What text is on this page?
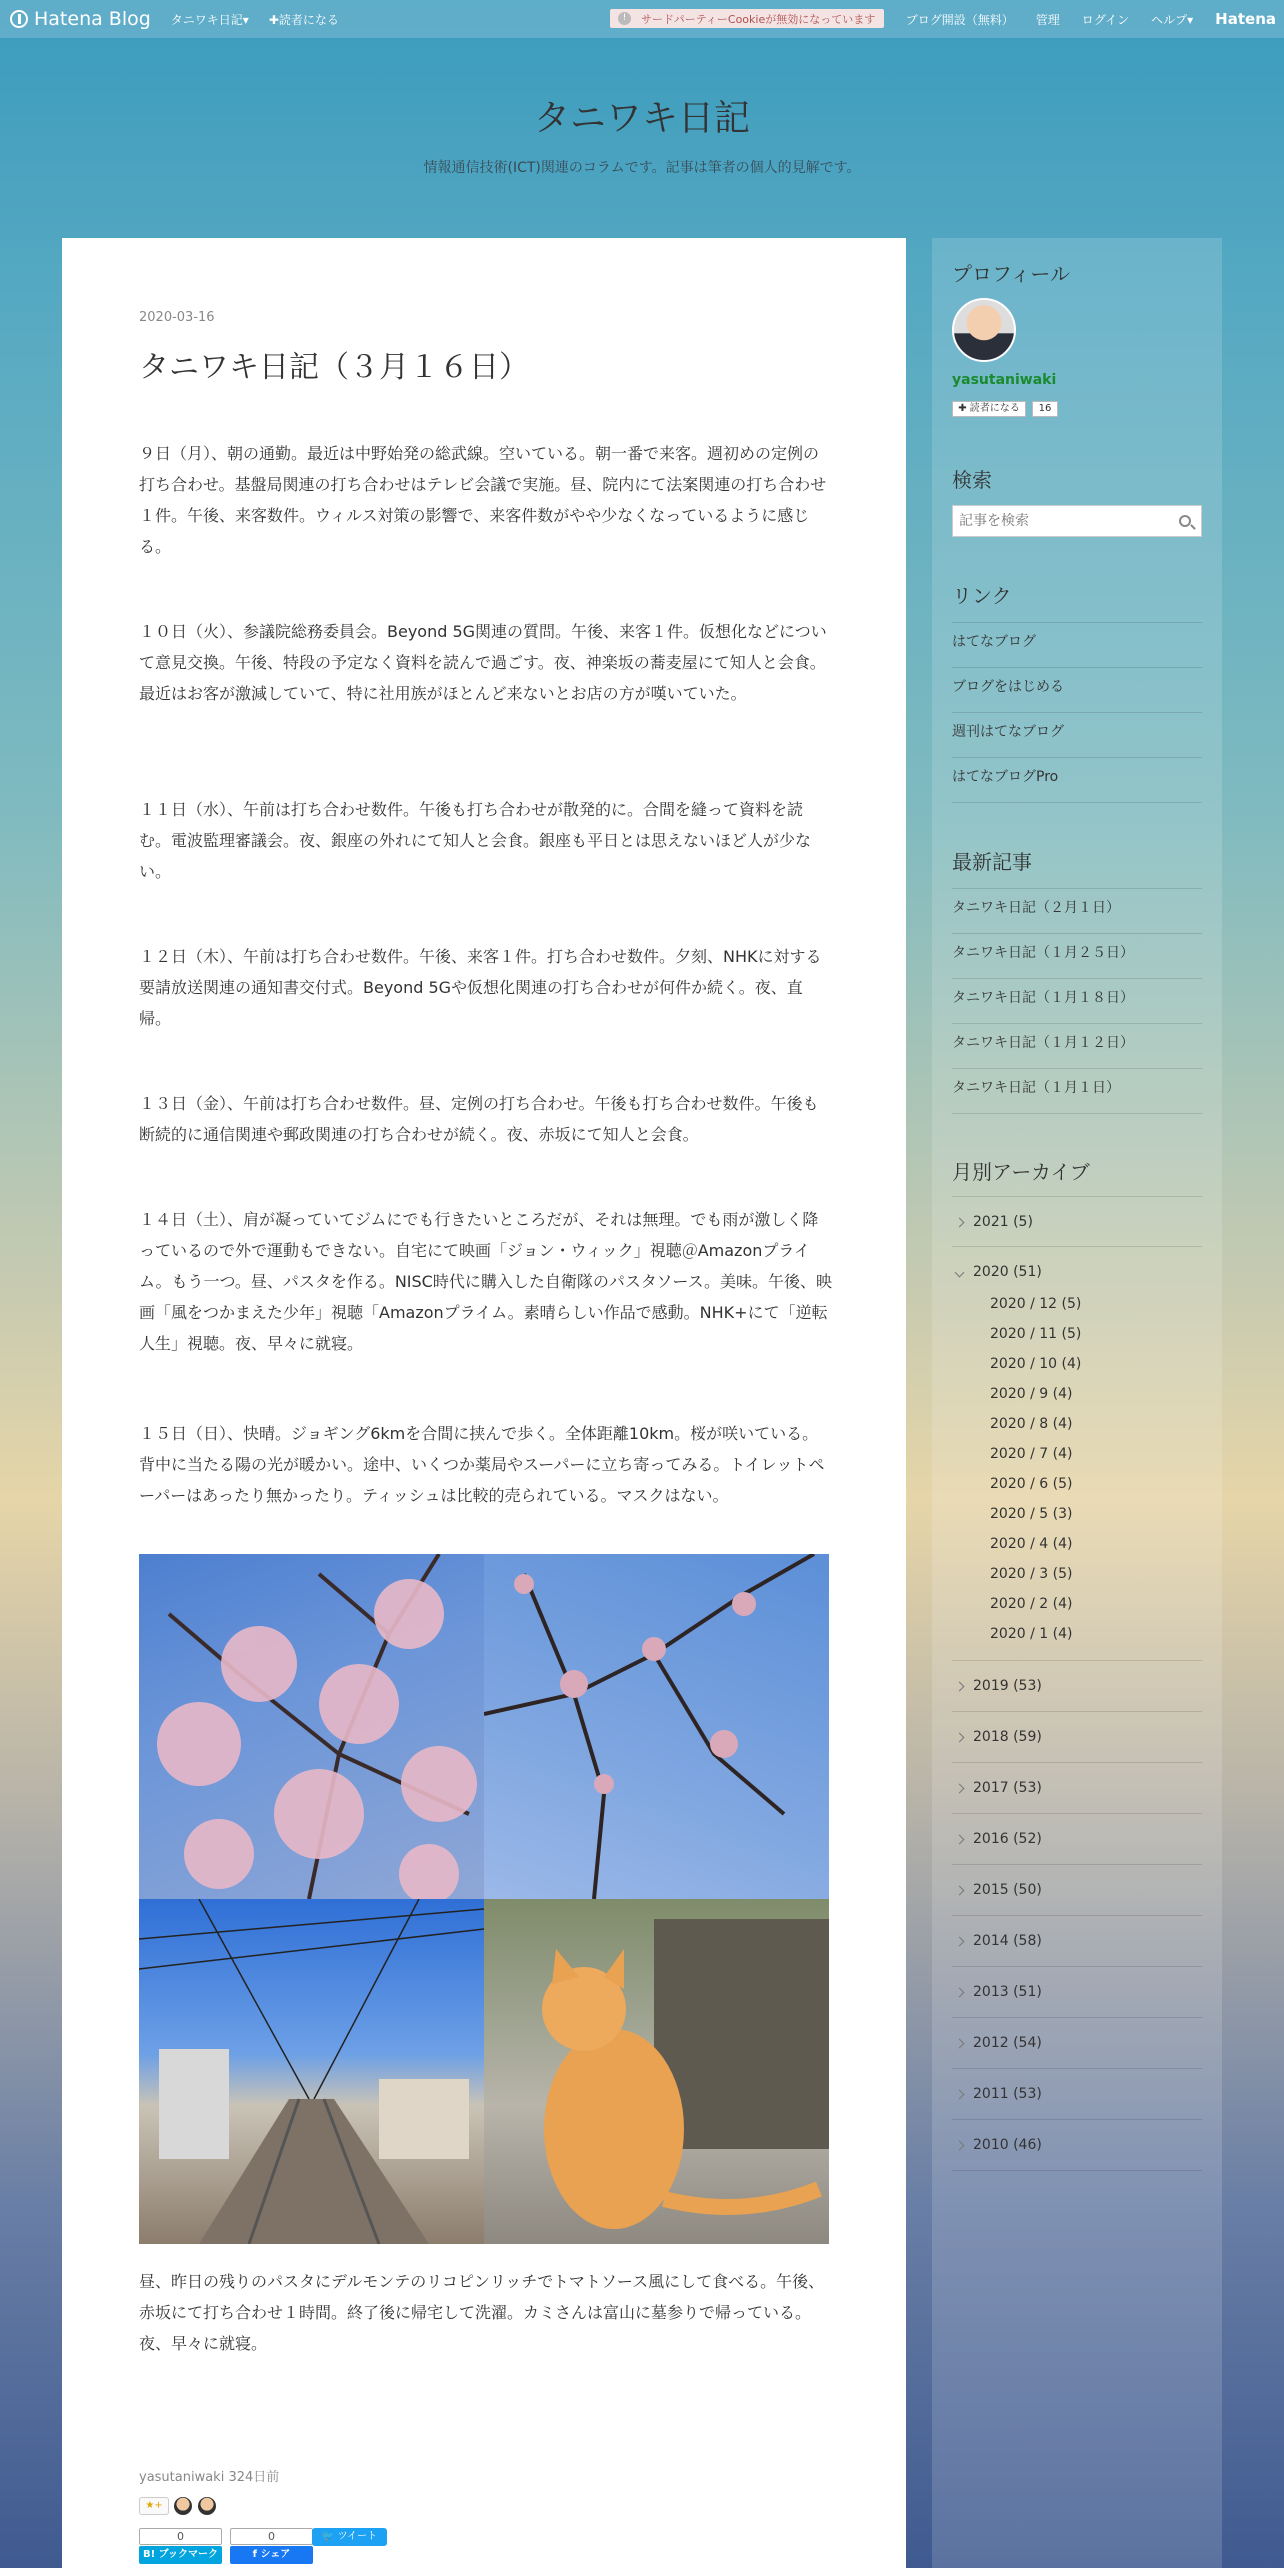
Hatena Blog タニワキ日記▾ ✚読者になる	!	サードパーティーCookieが無効になっています	ブログ開設（無料） 管理 ログイン ヘルプ▾ Hatena
タニワキ日記
情報通信技術(ICT)関連のコラムです。記事は筆者の個人的見解です。
2020-03-16
タニワキ日記（３月１６日）

９日（月）、朝の通勤。最近は中野始発の総武線。空いている。朝一番で来客。週初めの定例の打ち合わせ。基盤局関連の打ち合わせはテレビ会議で実施。昼、院内にて法案関連の打ち合わせ１件。午後、来客数件。ウィルス対策の影響で、来客件数がやや少なくなっているように感じる。

１０日（火）、参議院総務委員会。Beyond 5G関連の質問。午後、来客１件。仮想化などについて意見交換。午後、特段の予定なく資料を読んで過ごす。夜、神楽坂の蕎麦屋にて知人と会食。最近はお客が激減していて、特に社用族がほとんど来ないとお店の方が嘆いていた。

１１日（水）、午前は打ち合わせ数件。午後も打ち合わせが散発的に。合間を縫って資料を読む。電波監理審議会。夜、銀座の外れにて知人と会食。銀座も平日とは思えないほど人が少ない。

１２日（木）、午前は打ち合わせ数件。午後、来客１件。打ち合わせ数件。夕刻、NHKに対する要請放送関連の通知書交付式。Beyond 5Gや仮想化関連の打ち合わせが何件か続く。夜、直帰。

１３日（金）、午前は打ち合わせ数件。昼、定例の打ち合わせ。午後も打ち合わせ数件。午後も断続的に通信関連や郵政関連の打ち合わせが続く。夜、赤坂にて知人と会食。

１４日（土）、肩が凝っていてジムにでも行きたいところだが、それは無理。でも雨が激しく降っているので外で運動もできない。自宅にて映画「ジョン・ウィック」視聴＠Amazonプライム。もう一つ。昼、パスタを作る。NISC時代に購入した自衛隊のパスタソース。美味。午後、映画「風をつかまえた少年」視聴「Amazonプライム。素晴らしい作品で感動。NHK+にて「逆転人生」視聴。夜、早々に就寝。

１５日（日）、快晴。ジョギング6kmを合間に挟んで歩く。全体距離10km。桜が咲いている。背中に当たる陽の光が暖かい。途中、いくつか薬局やスーパーに立ち寄ってみる。トイレットペーパーはあったり無かったり。ティッシュは比較的売られている。マスクはない。

昼、昨日の残りのパスタにデルモンテのリコピンリッチでトマトソース風にして食べる。午後、赤坂にて打ち合わせ１時間。終了後に帰宅して洗濯。カミさんは富山に墓参りで帰っている。夜、早々に就寝。

yasutaniwaki 324日前
★+
0	0	🐦 ツイート
B! ブックマーク	f シェア
プロフィール
yasutaniwaki
✚ 読者になる	16
検索
記事を検索
リンク
はてなブログ
ブログをはじめる
週刊はてなブログ
はてなブログPro
最新記事
タニワキ日記（２月１日）
タニワキ日記（１月２５日）
タニワキ日記（１月１８日）
タニワキ日記（１月１２日）
タニワキ日記（１月１日）
月別アーカイブ
2021 (5)
2020 (51)
2020 / 12 (5)
2020 / 11 (5)
2020 / 10 (4)
2020 / 9 (4)
2020 / 8 (4)
2020 / 7 (4)
2020 / 6 (5)
2020 / 5 (3)
2020 / 4 (4)
2020 / 3 (5)
2020 / 2 (4)
2020 / 1 (4)
2019 (53)
2018 (59)
2017 (53)
2016 (52)
2015 (50)
2014 (58)
2013 (51)
2012 (54)
2011 (53)
2010 (46)
